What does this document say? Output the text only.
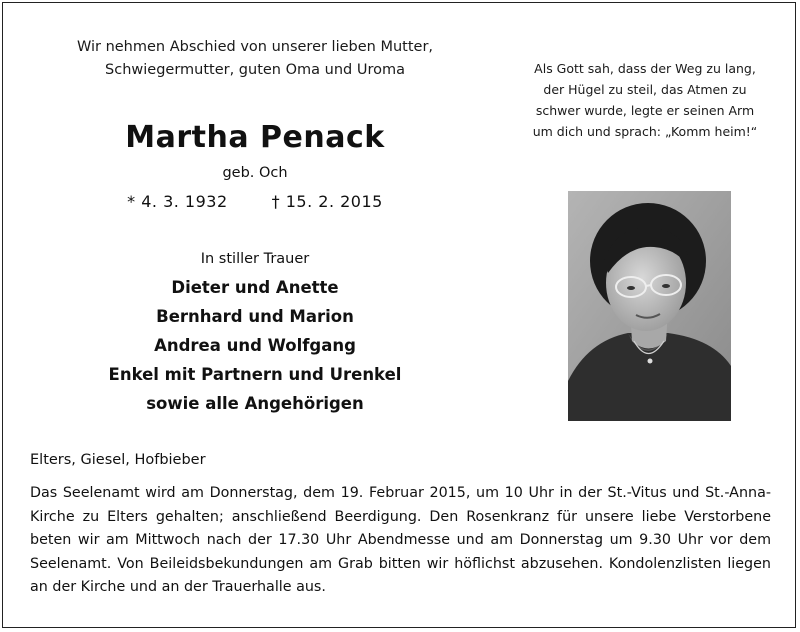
Wir nehmen Abschied von unserer lieben Mutter,
Schwiegermutter, guten Oma und Uroma	Als Gott sah, dass der Weg zu lang,
der Hügel zu steil, das Atmen zu
schwer wurde, legte er seinen Arm
um dich und sprach: „Komm heim!“
Martha Penack
geb. Och
* 4. 3. 1932	† 15. 2. 2015
In stiller Trauer
Dieter und Anette
Bernhard und Marion
Andrea und Wolfgang
Enkel mit Partnern und Urenkel
sowie alle Angehörigen
Elters, Giesel, Hofbieber
Das Seelenamt wird am Donnerstag, dem 19. Februar 2015, um 10 Uhr in der St.-Vitus und St.-Anna-Kirche zu Elters gehalten; anschließend Beerdigung. Den Rosenkranz für unsere liebe Verstorbene beten wir am Mittwoch nach der 17.30 Uhr Abendmesse und am Donnerstag um 9.30 Uhr vor dem Seelenamt. Von Beileidsbekundungen am Grab bitten wir höflichst abzusehen. Kondolenzlisten liegen an der Kirche und an der Trauerhalle aus.
